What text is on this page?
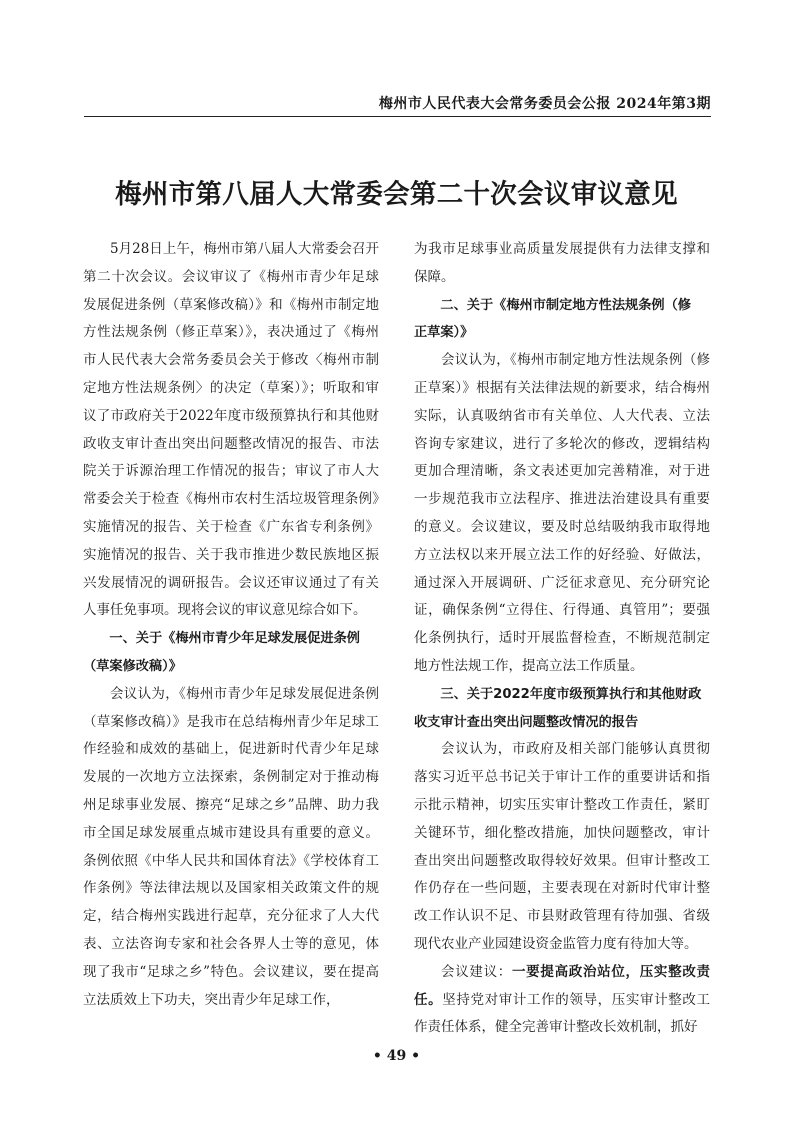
梅州市人民代表大会常务委员会公报 2024年第3期
梅州市第八届人大常委会第二十次会议审议意见

5月28日上午，梅州市第八届人大常委会召开第二十次会议。会议审议了《梅州市青少年足球发展促进条例（草案修改稿）》和《梅州市制定地方性法规条例（修正草案）》，表决通过了《梅州市人民代表大会常务委员会关于修改〈梅州市制定地方性法规条例〉的决定（草案）》；听取和审议了市政府关于2022年度市级预算执行和其他财政收支审计查出突出问题整改情况的报告、市法院关于诉源治理工作情况的报告；审议了市人大常委会关于检查《梅州市农村生活垃圾管理条例》实施情况的报告、关于检查《广东省专利条例》实施情况的报告、关于我市推进少数民族地区振兴发展情况的调研报告。会议还审议通过了有关人事任免事项。现将会议的审议意见综合如下。

一、关于《梅州市青少年足球发展促进条例

（草案修改稿）》

会议认为，《梅州市青少年足球发展促进条例（草案修改稿）》是我市在总结梅州青少年足球工作经验和成效的基础上，促进新时代青少年足球发展的一次地方立法探索，条例制定对于推动梅州足球事业发展、擦亮“足球之乡”品牌、助力我市全国足球发展重点城市建设具有重要的意义。条例依照《中华人民共和国体育法》《学校体育工作条例》等法律法规以及国家相关政策文件的规定，结合梅州实践进行起草，充分征求了人大代表、立法咨询专家和社会各界人士等的意见，体现了我市“足球之乡”特色。会议建议，要在提高立法质效上下功夫，突出青少年足球工作，

为我市足球事业高质量发展提供有力法律支撑和保障。

二、关于《梅州市制定地方性法规条例（修

正草案）》

会议认为，《梅州市制定地方性法规条例（修正草案）》根据有关法律法规的新要求，结合梅州实际，认真吸纳省市有关单位、人大代表、立法咨询专家建议，进行了多轮次的修改，逻辑结构更加合理清晰，条文表述更加完善精准，对于进一步规范我市立法程序、推进法治建设具有重要的意义。会议建议，要及时总结吸纳我市取得地方立法权以来开展立法工作的好经验、好做法，通过深入开展调研、广泛征求意见、充分研究论证，确保条例“立得住、行得通、真管用”；要强化条例执行，适时开展监督检查，不断规范制定地方性法规工作，提高立法工作质量。

三、关于2022年度市级预算执行和其他财政

收支审计查出突出问题整改情况的报告

会议认为，市政府及相关部门能够认真贯彻落实习近平总书记关于审计工作的重要讲话和指示批示精神，切实压实审计整改工作责任，紧盯关键环节，细化整改措施，加快问题整改，审计查出突出问题整改取得较好效果。但审计整改工作仍存在一些问题，主要表现在对新时代审计整改工作认识不足、市县财政管理有待加强、省级现代农业产业园建设资金监管力度有待加大等。

会议建议：一要提高政治站位，压实整改责任。坚持党对审计工作的领导，压实审计整改工作责任体系，健全完善审计整改长效机制，抓好

• 49 •
